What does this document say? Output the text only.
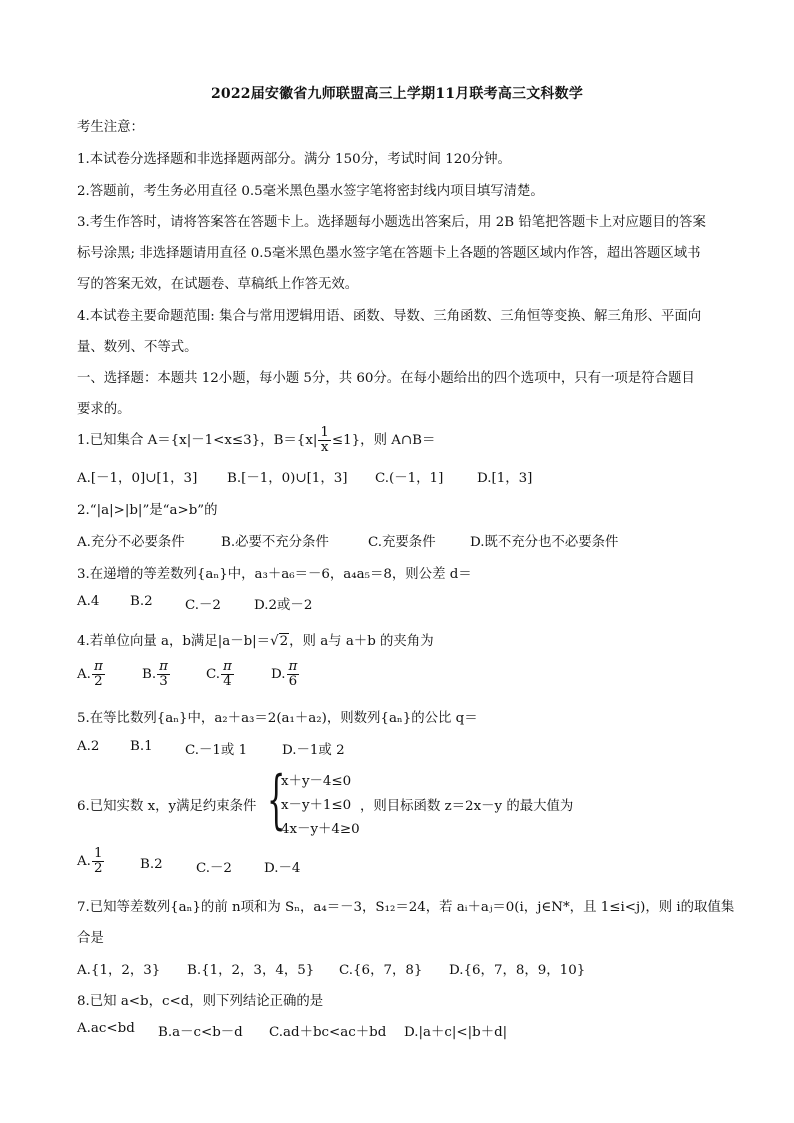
2022届安徽省九师联盟高三上学期11月联考高三文科数学
考生注意：
1.本试卷分选择题和非选择题两部分。满分 150分，考试时间 120分钟。
2.答题前，考生务必用直径 0.5毫米黑色墨水签字笔将密封线内项目填写清楚。
3.考生作答时，请将答案答在答题卡上。选择题每小题选出答案后，用 2B 铅笔把答题卡上对应题目的答案
标号涂黑; 非选择题请用直径 0.5毫米黑色墨水签字笔在答题卡上各题的答题区域内作答，超出答题区域书
写的答案无效，在试题卷、草稿纸上作答无效。
4.本试卷主要命题范围: 集合与常用逻辑用语、函数、导数、三角函数、三角恒等变换、解三角形、平面向
量、数列、不等式。
一、选择题：本题共 12小题，每小题 5分，共 60分。在每小题给出的四个选项中，只有一项是符合题目
要求的。
1.已知集合 A＝{x|－1<x≤3}，$B=\{x| \frac{1}{x} \le 1\}$，则 A∩B＝
A.[－1，0]∪[1，3] B.[－1，0)∪[1，3] C.(－1，1]	D.[1，3]
2.“|a|>|b|”是“a>b”的
A.充分不必要条件	B.必要不充分条件	C.充要条件	D.既不充分也不必要条件
3.在递增的等差数列{aₙ}中，a₃＋a₆＝－6，a₄a₅＝8，则公差 d＝
A.4 B.2 C.－2 D.2或－2
4.若单位向量 a，b满足|a－b|＝√2，则 a与 a＋b 的夹角为
A. $\frac{\pi}{2}$	B. $\frac{\pi}{3}$	C. $\frac{\pi}{4}$	D. $\frac{\pi}{6}$
5.在等比数列{aₙ}中，a₂＋a₃＝2(a₁＋a₂)，则数列{aₙ}的公比 q＝
A.2 B.1 C.－1或 1	D.－1或 2
6.已知实数 x，y满足约束条件 {
x＋y－4≤0
x－y＋1≤0
4x－y＋4≥0
，则目标函数 z＝2x－y 的最大值为
A. $\frac{1}{2}$	B.2 C.－2 D.－4
7.已知等差数列{aₙ}的前 n项和为 Sₙ，a₄＝－3，S₁₂＝24，若 aᵢ＋aⱼ＝0(i，j∈N*，且 1≤i<j)，则 i的取值集
合是
A.{1，2，3} B.{1，2，3，4，5} C.{6，7，8} D.{6，7，8，9，10}
8.已知 a<b，c<d，则下列结论正确的是
A.ac<bd B.a－c<b－d C.ad＋bc<ac＋bd D.|a＋c|<|b＋d|
